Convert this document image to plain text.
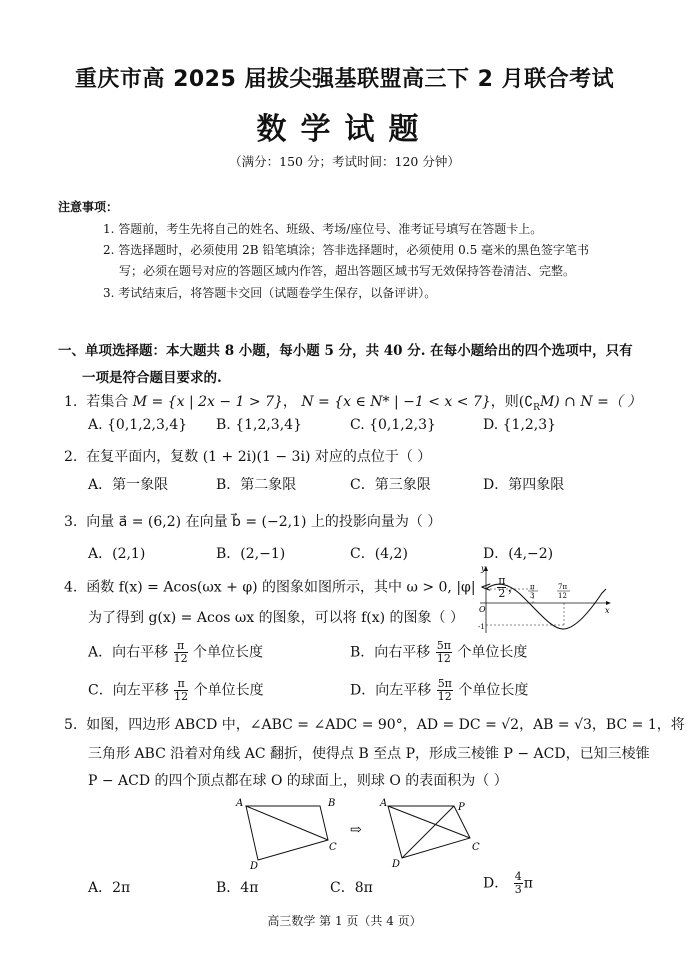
重庆市高 2025 届拔尖强基联盟高三下 2 月联合考试
数学试题
（满分：150 分；考试时间：120 分钟）
注意事项：
1. 答题前，考生先将自己的姓名、班级、考场/座位号、准考证号填写在答题卡上。
2. 答选择题时，必须使用 2B 铅笔填涂；答非选择题时，必须使用 0.5 毫米的黑色签字笔书
写；必须在题号对应的答题区域内作答，超出答题区域书写无效保持答卷清洁、完整。
3. 考试结束后，将答题卡交回（试题卷学生保存，以备评讲）。
一、单项选择题：本大题共 8 小题，每小题 5 分，共 40 分. 在每小题给出的四个选项中，只有
一项是符合题目要求的.
1. 若集合 M = {x | 2x − 1 > 7}， N = {x ∈ N* | −1 < x < 7}，则$(∁_RM)$ ∩ N =（ ）
A. {0,1,2,3,4} B. {1,2,3,4}	C. {0,1,2,3}	D. {1,2,3}
2. 在复平面内，复数 (1 + 2i)(1 − 3i) 对应的点位于（ ）
A．第一象限	B．第二象限	C．第三象限	D．第四象限
3. 向量 a⃗ = (6,2) 在向量 b⃗ = (−2,1) 上的投影向量为（ ）
A．(2,1)	B．(2,−1)	C．(4,2)	D．(4,−2)
4. 函数 f(x) = Acos(ωx + φ) 的图象如图所示，其中 ω > 0, $|\varphi| < \frac{\pi}{2}$ ，
为了得到 g(x) = Acos ωx 的图象，可以将 f(x) 的图象（ ）
y
x
O
-1
π
3
7π
12
A．向右平移 $\frac{\pi}{12}$ 个单位长度	B．向右平移 $\frac{5\pi}{12}$ 个单位长度
C．向左平移 $\frac{\pi}{12}$ 个单位长度	D．向左平移 $\frac{5\pi}{12}$ 个单位长度
5. 如图，四边形 ABCD 中，∠ABC = ∠ADC = 90°，AD = DC = √2，AB = √3，BC = 1，将
三角形 ABC 沿着对角线 AC 翻折，使得点 B 至点 P，形成三棱锥 P − ACD，已知三棱锥
P − ACD 的四个顶点都在球 O 的球面上，则球 O 的表面积为（ ）
A	B
C
D
⇨
A	P
C
D
A．2π	B．4π	C．8π	D． $\frac{4}{3}$ π
高三数学 第 1 页（共 4 页）
